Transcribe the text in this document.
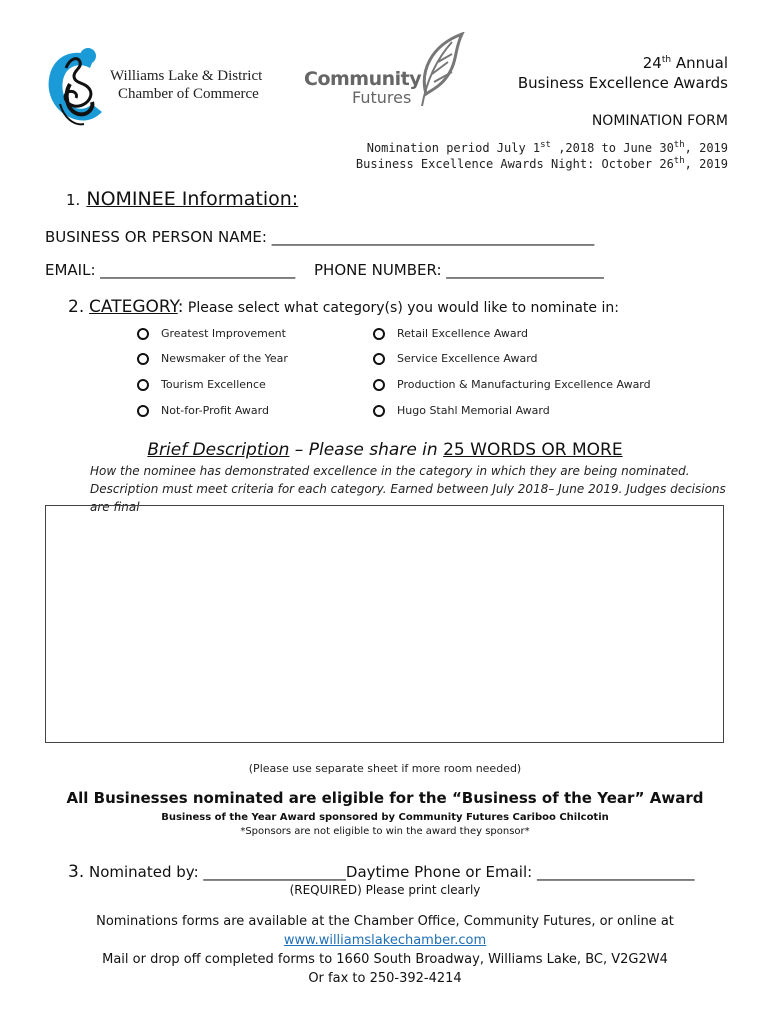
Williams Lake & District
Chamber of Commerce
Community
Futures
24th Annual
Business Excellence Awards
NOMINATION FORM
Nomination period July 1st ,2018 to June 30th, 2019
Business Excellence Awards Night: October 26th, 2019
1. NOMINEE Information:
BUSINESS OR PERSON NAME: ___________________________________________
EMAIL: __________________________ PHONE NUMBER: _____________________
2. CATEGORY: Please select what category(s) you would like to nominate in:
Greatest Improvement
Newsmaker of the Year
Tourism Excellence
Not-for-Profit Award
Retail Excellence Award
Service Excellence Award
Production & Manufacturing Excellence Award
Hugo Stahl Memorial Award
Brief Description – Please share in 25 WORDS OR MORE
How the nominee has demonstrated excellence in the category in which they are being nominated. Description must meet criteria for each category. Earned between July 2018– June 2019. Judges decisions are final
(Please use separate sheet if more room needed)
All Businesses nominated are eligible for the “Business of the Year” Award
Business of the Year Award sponsored by Community Futures Cariboo Chilcotin
*Sponsors are not eligible to win the award they sponsor*
3. Nominated by: ___________________Daytime Phone or Email: _____________________
(REQUIRED) Please print clearly
Nominations forms are available at the Chamber Office, Community Futures, or online at
www.williamslakechamber.com
Mail or drop off completed forms to 1660 South Broadway, Williams Lake, BC, V2G2W4
Or fax to 250-392-4214
